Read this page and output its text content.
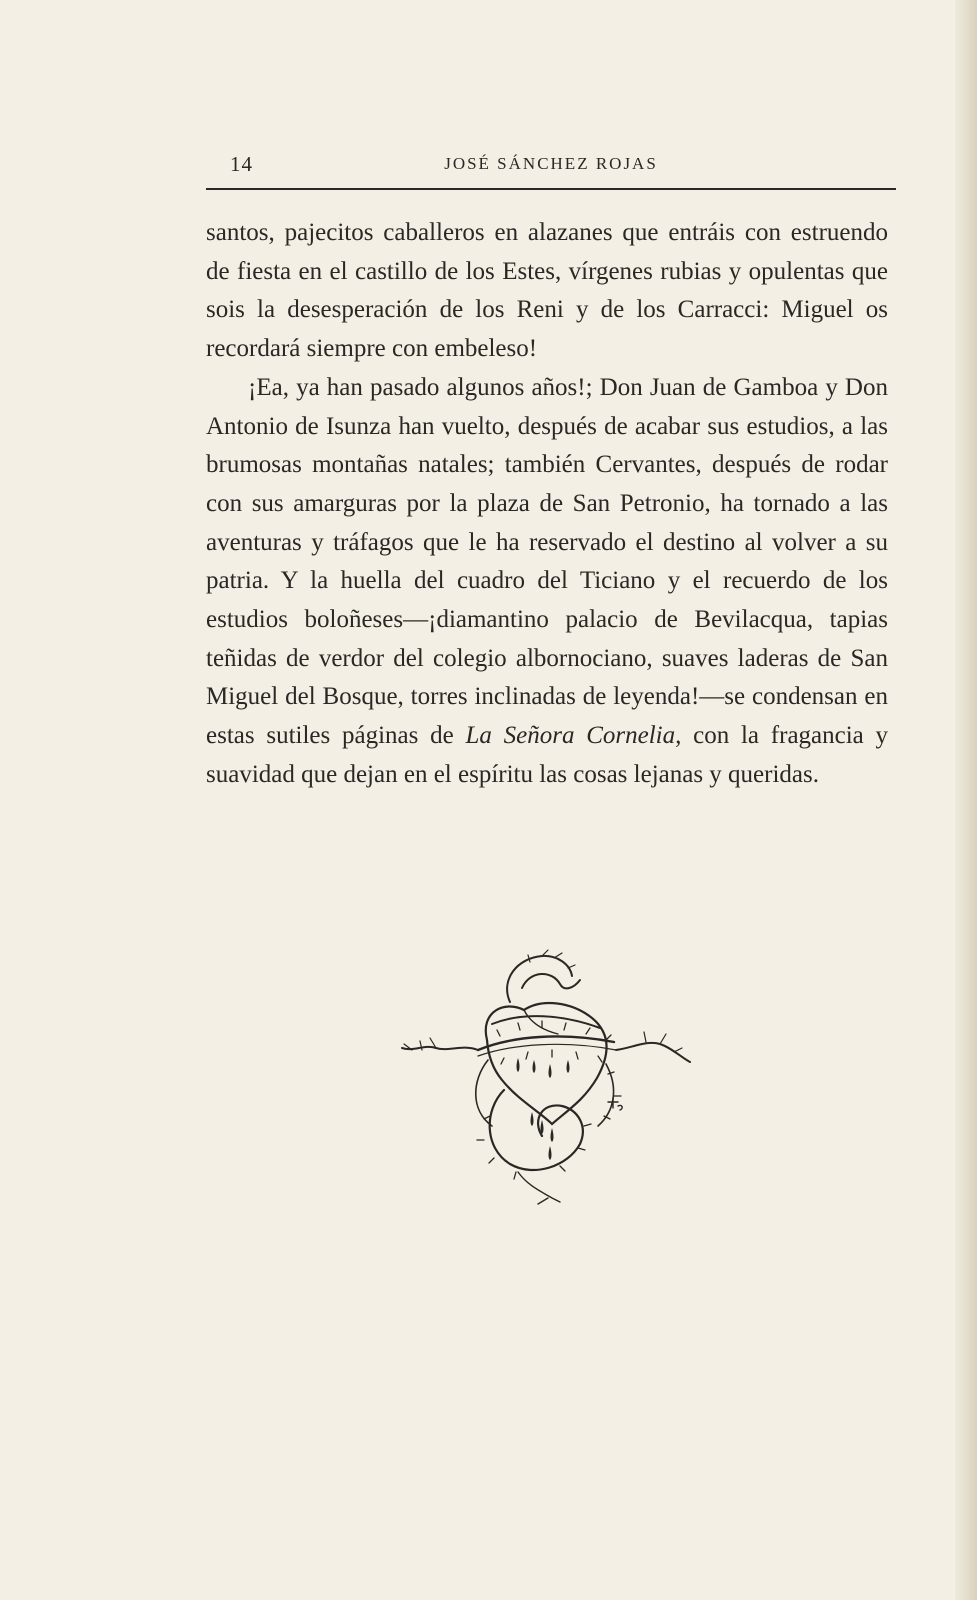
14	JOSÉ SÁNCHEZ ROJAS

santos, pajecitos caballeros en alazanes que entráis con estruendo de fiesta en el castillo de los Estes, vírgenes rubias y opulentas que sois la desesperación de los Reni y de los Carracci: Miguel os recordará siempre con embeleso!

¡Ea, ya han pasado algunos años!; Don Juan de Gamboa y Don Antonio de Isunza han vuelto, después de acabar sus estudios, a las brumosas montañas natales; también Cervantes, después de rodar con sus amarguras por la plaza de San Petronio, ha tornado a las aventuras y tráfagos que le ha reservado el destino al volver a su patria. Y la huella del cuadro del Ticiano y el recuerdo de los estudios boloñeses—¡diamantino palacio de Bevilacqua, tapias teñidas de verdor del colegio albornociano, suaves laderas de San Miguel del Bosque, torres inclinadas de leyenda!—se condensan en estas sutiles páginas de La Señora Cornelia, con la fragancia y suavidad que dejan en el espíritu las cosas lejanas y queridas.
